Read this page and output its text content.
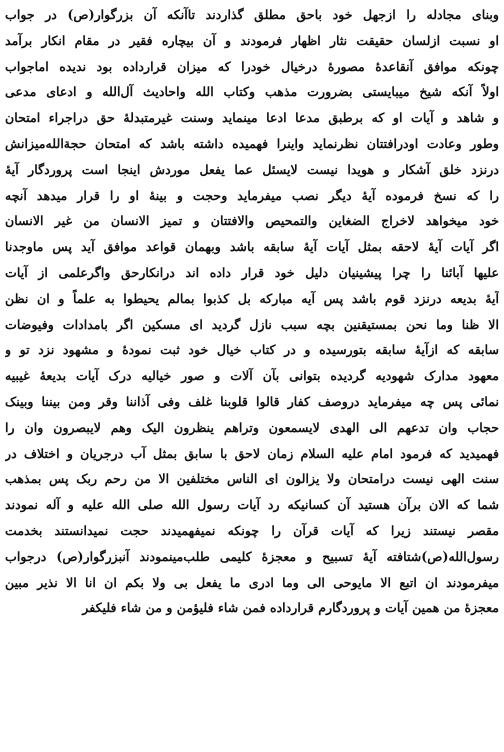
وبنای مجادله را ازجهل خود باحق مطلق گذاردند تاآنکه آن بزرگوار(ص) در جواب
او نسبت ازلسان حقیقت نثار اظهار فرمودند و آن بیچاره فقیر در مقام انکار برآمد
چونکه موافق آنقاعدهٔ مصورهٔ درخیال خودرا که میزان قرارداده بود ندیده اماجواب
اولاً آنکه شیخ میبایستی بضرورت مذهب وکتاب الله واحادیث آل‌الله و ادعای مدعی
و شاهد و آیات او که برطبق مدعا ادعا مینماید وسنت غیرمتبدلهٔ حق دراجراء امتحان
وطور وعادت اودرافتتان نظرنماید واینرا فهمیده داشته باشد که امتحان حجة‌الله‌میزانش
درنزد خلق آشکار و هویدا نیست لایسئل عما یفعل موردش اینجا است پروردگار آیهٔ
را که نسخ فرموده آیهٔ دیگر نصب میفرماید وحجت و بینهٔ او را قرار میدهد آنچه
خود میخواهد لاخراج الضغاین والتمحیص والافتتان و تمیز الانسان من غیر الانسان
اگر آیات آیهٔ لاحقه بمثل آیات آیهٔ سابقه باشد وبهمان قواعد موافق آید پس ماوجدنا
علیها آبائنا را چرا پیشینیان دلیل خود قرار داده اند درانکارحق واگرعلمی از آیات
آیهٔ بدیعه درنزد قوم باشد پس آیه مبارکه بل کذبوا بمالم یحیطوا به علماً و ان نظن
الا ظنا وما نحن بمستیقنین بچه سبب نازل گردید ای مسکین اگر بامدادات وفیوضات
سابقه که ازآیهٔ سابقه بتورسیده و در کتاب خیال خود ثبت نمودهٔ و مشهود نزد تو و
معهود مدارک شهودیه گردیده بتوانی بآن آلات و صور خیالیه درک آیات بدیعهٔ غیبیه
نمائی پس چه میفرماید دروصف کفار قالوا قلوبنا غلف وفی آذاننا وقر ومن بیننا وبینک
حجاب وان تدعهم الی الهدی لایسمعون وتراهم ینظرون الیک وهم لایبصرون وان را
فهمیدید که فرمود امام علیه السلام زمان لاحق با سابق بمثل آب درجریان و اختلاف در
سنت الهی نیست درامتحان ولا یزالون ای الناس مختلفین الا من رحم ربک پس بمذهب
شما که الان برآن هستید آن کسانیکه رد آیات رسول الله صلی الله علیه و آله نمودند
مقصر نیستند زیرا که آیات قرآن را چونکه نمیفهمیدند حجت نمیدانستند بخدمت
رسول‌الله(ص)شتافته آیهٔ تسبیح و معجزهٔ کلیمی طلب‌مینمودند آنبزرگوار(ص) درجواب
میفرمودند ان اتبع الا مایوحی الی وما ادری ما یفعل بی ولا بکم ان انا الا نذیر مبین
معجزهٔ من همین آیات و پروردگارم قرارداده فمن شاء فلیؤمن و من شاء فلیکفر
